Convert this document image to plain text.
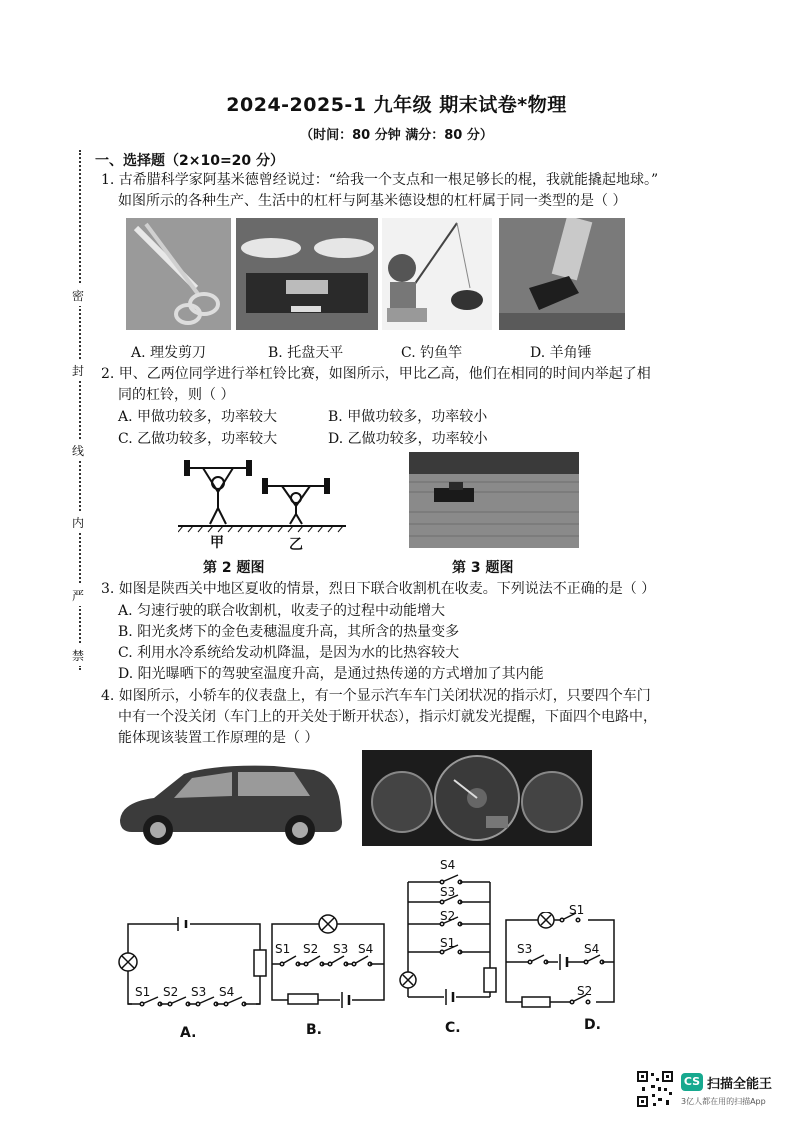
2024-2025-1 九年级 期末试卷*物理
（时间：80 分钟 满分：80 分）
密
封
线
内
严
禁
一、选择题（2×10=20 分）
1. 古希腊科学家阿基米德曾经说过：“给我一个支点和一根足够长的棍，我就能撬起地球。”
如图所示的各种生产、生活中的杠杆与阿基米德设想的杠杆属于同一类型的是（ ）
A. 理发剪刀	B. 托盘天平	C. 钓鱼竿	D. 羊角锤
2. 甲、乙两位同学进行举杠铃比赛，如图所示，甲比乙高，他们在相同的时间内举起了相
同的杠铃，则（ ）
A. 甲做功较多，功率较大	B. 甲做功较多，功率较小
C. 乙做功较多，功率较大	D. 乙做功较多，功率较小
甲	乙
第 2 题图	第 3 题图
3. 如图是陕西关中地区夏收的情景，烈日下联合收割机在收麦。下列说法不正确的是（ ）
A. 匀速行驶的联合收割机，收麦子的过程中动能增大
B. 阳光炙烤下的金色麦穗温度升高，其所含的热量变多
C. 利用水冷系统给发动机降温，是因为水的比热容较大
D. 阳光曝晒下的驾驶室温度升高，是通过热传递的方式增加了其内能
4. 如图所示，小轿车的仪表盘上，有一个显示汽车车门关闭状况的指示灯，只要四个车门
中有一个没关闭（车门上的开关处于断开状态），指示灯就发光提醒，下面四个电路中，
能体现该装置工作原理的是（ ）
S1 S2 S3 S4
A.
S1 S2 S3 S4
B.
S4
S3
S2
S1
C.
S1
S3	S4
S2
D.
CS 扫描全能王
3亿人都在用的扫描App
